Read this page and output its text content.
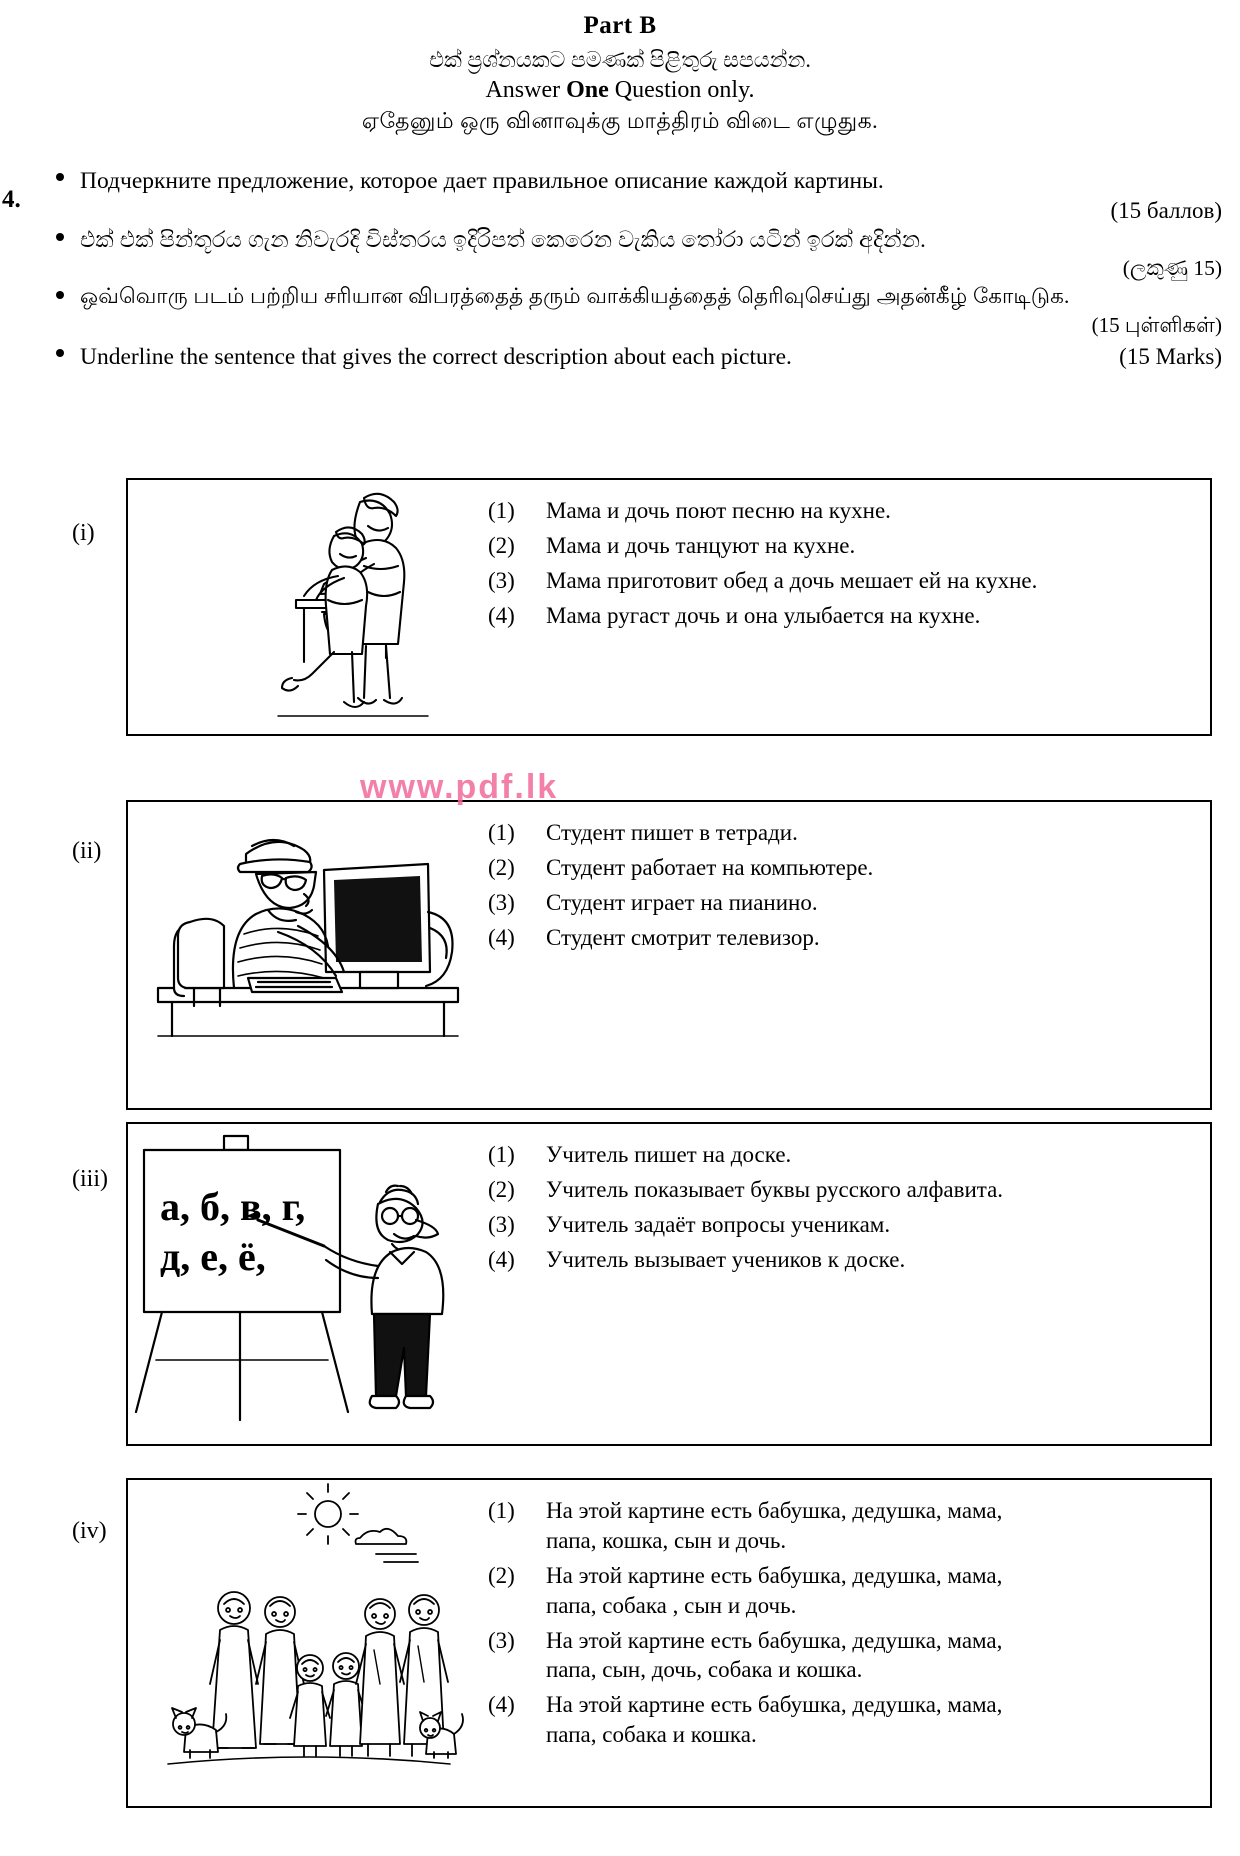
Part B
එක් ප්‍රශ්නයකට පමණක් පිළිතුරු සපයන්න.
Answer One Question only.
ஏதேனும் ஒரு வினாவுக்கு மாத்திரம் விடை எழுதுக.
4.
Подчеркните предложение, которое дает правильное описание каждой картины.
(15 баллов)
එක් එක් පින්තූරය ගැන නිවැරදි විස්තරය ඉදිරිපත් කෙරෙන වැකිය තෝරා යටින් ඉරක් අදින්න.
(ලකුණු 15)
ஒவ்வொரு படம் பற்றிய சரியான விபரத்தைத் தரும் வாக்கியத்தைத் தெரிவுசெய்து அதன்கீழ் கோடிடுக.
(15 புள்ளிகள்)
Underline the sentence that gives the correct description about each picture.	(15 Marks)
(i)
(1)	Мама и дочь поют песню на кухне.
(2)	Мама и дочь танцуют на кухне.
(3)	Мама приготовит обед а дочь мешает ей на кухне.
(4)	Мама ругаст дочь и она улыбается на кухне.
(ii)
(1)	Студент пишет в тетради.
(2)	Студент работает на компьютере.
(3)	Студент играет на пианино.
(4)	Студент смотрит телевизор.
(iii)
а, б, в, г,
д, е, ё,
(1)	Учитель пишет на доске.
(2)	Учитель показывает буквы русского алфавита.
(3)	Учитель задаёт вопросы ученикам.
(4)	Учитель вызывает учеников к доске.
(iv)
(1)	На этой картине есть бабушка, дедушка, мама,
папа, кошка, сын и дочь.
(2)	На этой картине есть бабушка, дедушка, мама,
папа, собака , сын и дочь.
(3)	На этой картине есть бабушка, дедушка, мама,
папа, сын, дочь, собака и кошка.
(4)	На этой картине есть бабушка, дедушка, мама,
папа, собака и кошка.
www.pdf.lk
